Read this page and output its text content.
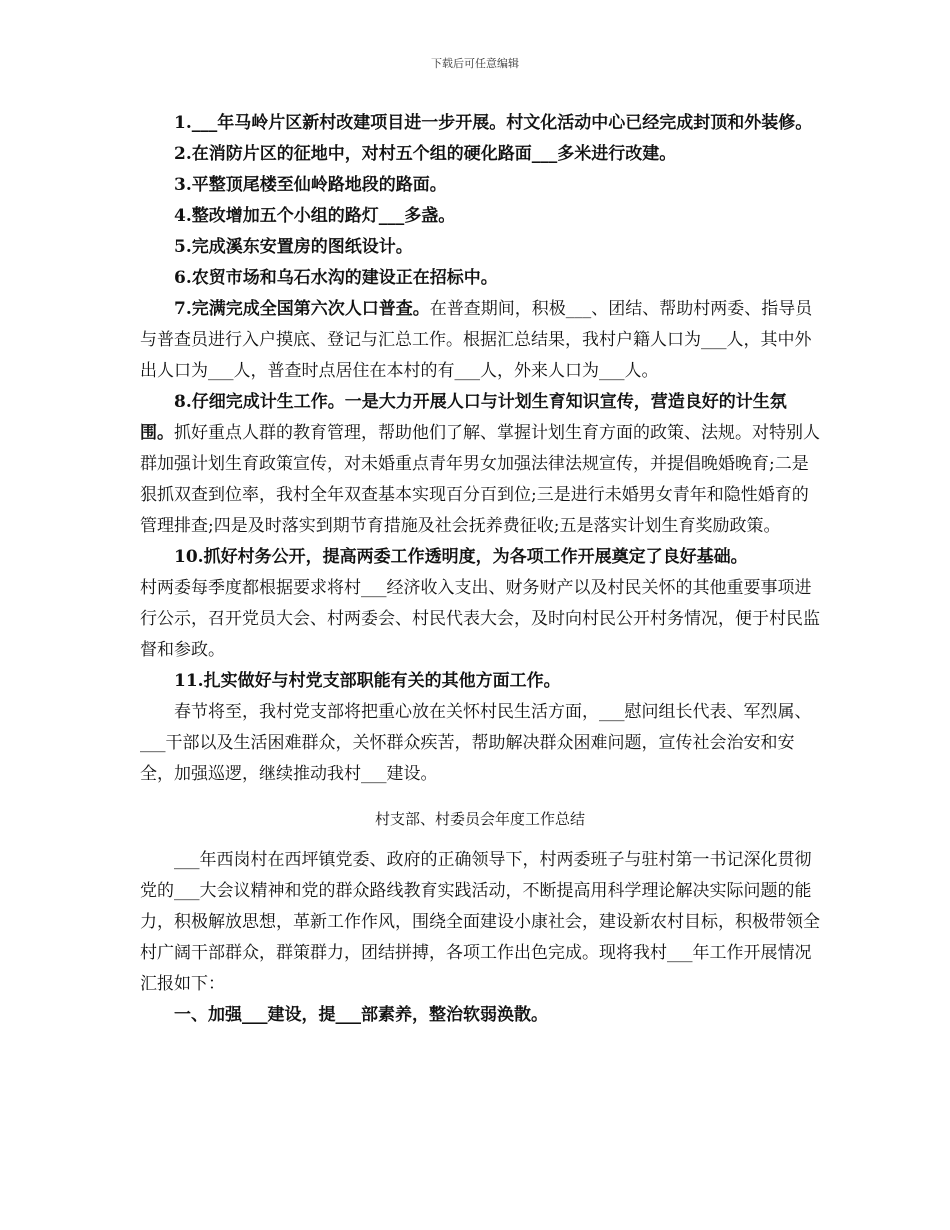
下载后可任意编辑

1.___年马岭片区新村改建项目进一步开展。村文化活动中心已经完成封顶和外装修。

2.在消防片区的征地中，对村五个组的硬化路面___多米进行改建。

3.平整顶尾楼至仙岭路地段的路面。

4.整改增加五个小组的路灯___多盏。

5.完成溪东安置房的图纸设计。

6.农贸市场和乌石水沟的建设正在招标中。

7.完满完成全国第六次人口普查。在普查期间，积极___、团结、帮助村两委、指导员与普查员进行入户摸底、登记与汇总工作。根据汇总结果，我村户籍人口为___人，其中外出人口为___人，普查时点居住在本村的有___人，外来人口为___人。

8.仔细完成计生工作。一是大力开展人口与计划生育知识宣传，营造良好的计生氛围。抓好重点人群的教育管理，帮助他们了解、掌握计划生育方面的政策、法规。对特别人群加强计划生育政策宣传，对未婚重点青年男女加强法律法规宣传，并提倡晚婚晚育;二是狠抓双查到位率，我村全年双查基本实现百分百到位;三是进行未婚男女青年和隐性婚育的管理排查;四是及时落实到期节育措施及社会抚养费征收;五是落实计划生育奖励政策。

10.抓好村务公开，提高两委工作透明度，为各项工作开展奠定了良好基础。

村两委每季度都根据要求将村___经济收入支出、财务财产以及村民关怀的其他重要事项进行公示，召开党员大会、村两委会、村民代表大会，及时向村民公开村务情况，便于村民监督和参政。

11.扎实做好与村党支部职能有关的其他方面工作。

春节将至，我村党支部将把重心放在关怀村民生活方面，___慰问组长代表、军烈属、___干部以及生活困难群众，关怀群众疾苦，帮助解决群众困难问题，宣传社会治安和安全，加强巡逻，继续推动我村___建设。

村支部、村委员会年度工作总结

___年西岗村在西坪镇党委、政府的正确领导下，村两委班子与驻村第一书记深化贯彻党的___大会议精神和党的群众路线教育实践活动，不断提高用科学理论解决实际问题的能力，积极解放思想，革新工作作风，围绕全面建设小康社会，建设新农村目标，积极带领全村广阔干部群众，群策群力，团结拼搏，各项工作出色完成。现将我村___年工作开展情况汇报如下：

一、加强___建设，提___部素养，整治软弱涣散。
